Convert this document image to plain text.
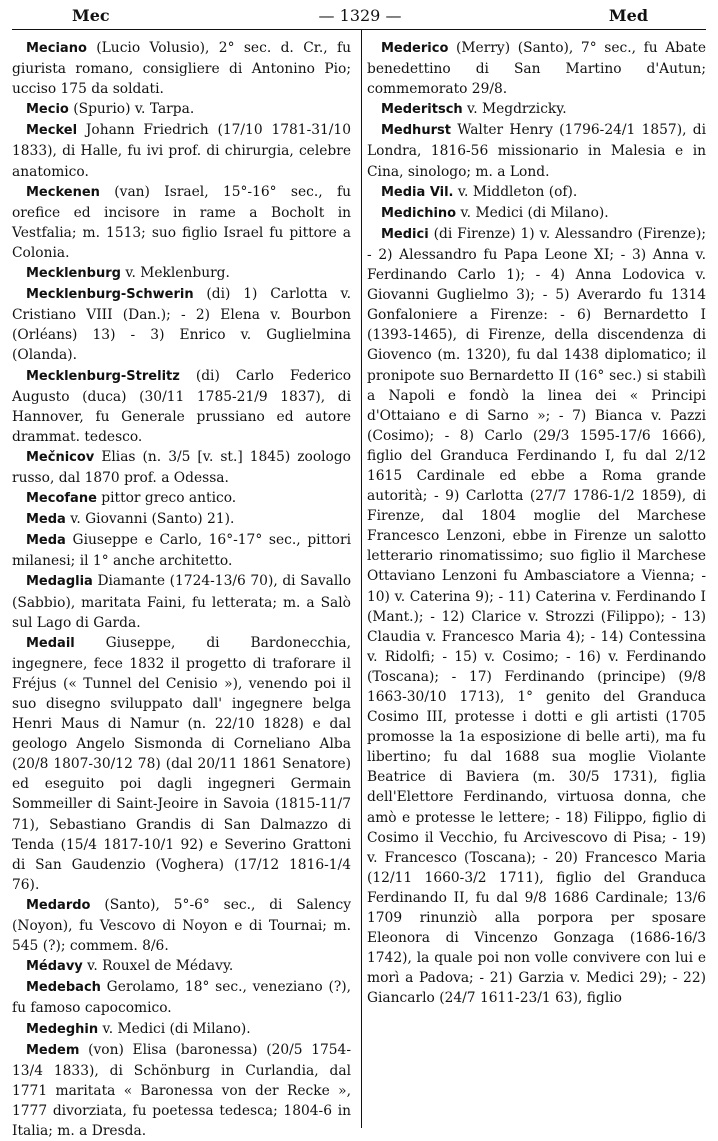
Mec	— 1329 —	Med

Meciano (Lucio Volusio), 2° sec. d. Cr., fu giurista romano, consigliere di Antonino Pio; ucciso 175 da soldati.

Mecio (Spurio) v. Tarpa.

Meckel Johann Friedrich (17/10 1781-31/10 1833), di Halle, fu ivi prof. di chirurgia, celebre anatomico.

Meckenen (van) Israel, 15°-16° sec., fu orefice ed incisore in rame a Bocholt in Vestfalia; m. 1513; suo figlio Israel fu pittore a Colonia.

Mecklenburg v. Meklenburg.

Mecklenburg-Schwerin (di) 1) Carlotta v. Cristiano VIII (Dan.); - 2) Elena v. Bourbon (Orléans) 13) - 3) Enrico v. Guglielmina (Olanda).

Mecklenburg-Strelitz (di) Carlo Federico Augusto (duca) (30/11 1785-21/9 1837), di Hannover, fu Generale prussiano ed autore drammat. tedesco.

Mečnicov Elias (n. 3/5 [v. st.] 1845) zoologo russo, dal 1870 prof. a Odessa.

Mecofane pittor greco antico.

Meda v. Giovanni (Santo) 21).

Meda Giuseppe e Carlo, 16°-17° sec., pittori milanesi; il 1° anche architetto.

Medaglia Diamante (1724-13/6 70), di Savallo (Sabbio), maritata Faini, fu letterata; m. a Salò sul Lago di Garda.

Medail Giuseppe, di Bardonecchia, ingegnere, fece 1832 il progetto di traforare il Fréjus (« Tunnel del Cenisio »), venendo poi il suo disegno sviluppato dall' ingegnere belga Henri Maus di Namur (n. 22/10 1828) e dal geologo Angelo Sismonda di Corneliano Alba (20/8 1807-30/12 78) (dal 20/11 1861 Senatore) ed eseguito poi dagli ingegneri Germain Sommeiller di Saint-Jeoire in Savoia (1815-11/7 71), Sebastiano Grandis di San Dalmazzo di Tenda (15/4 1817-10/1 92) e Severino Grattoni di San Gaudenzio (Voghera) (17/12 1816-1/4 76).

Medardo (Santo), 5°-6° sec., di Salency (Noyon), fu Vescovo di Noyon e di Tournai; m. 545 (?); commem. 8/6.

Médavy v. Rouxel de Médavy.

Medebach Gerolamo, 18° sec., veneziano (?), fu famoso capocomico.

Medeghin v. Medici (di Milano).

Medem (von) Elisa (baronessa) (20/5 1754-13/4 1833), di Schönburg in Curlandia, dal 1771 maritata « Baronessa von der Recke », 1777 divorziata, fu poetessa tedesca; 1804-6 in Italia; m. a Dresda.

Mederico (Merry) (Santo), 7° sec., fu Abate benedettino di San Martino d'Autun; commemorato 29/8.

Mederitsch v. Megdrzicky.

Medhurst Walter Henry (1796-24/1 1857), di Londra, 1816-56 missionario in Malesia e in Cina, sinologo; m. a Lond.

Media Vil. v. Middleton (of).

Medichino v. Medici (di Milano).

Medici (di Firenze) 1) v. Alessandro (Firenze); - 2) Alessandro fu Papa Leone XI; - 3) Anna v. Ferdinando Carlo 1); - 4) Anna Lodovica v. Giovanni Guglielmo 3); - 5) Averardo fu 1314 Gonfaloniere a Firenze: - 6) Bernardetto I (1393-1465), di Firenze, della discendenza di Giovenco (m. 1320), fu dal 1438 diplomatico; il pronipote suo Bernardetto II (16° sec.) si stabilì a Napoli e fondò la linea dei « Principi d'Ottaiano e di Sarno »; - 7) Bianca v. Pazzi (Cosimo); - 8) Carlo (29/3 1595-17/6 1666), figlio del Granduca Ferdinando I, fu dal 2/12 1615 Cardinale ed ebbe a Roma grande autorità; - 9) Carlotta (27/7 1786-1/2 1859), di Firenze, dal 1804 moglie del Marchese Francesco Lenzoni, ebbe in Firenze un salotto letterario rinomatissimo; suo figlio il Marchese Ottaviano Lenzoni fu Ambasciatore a Vienna; - 10) v. Caterina 9); - 11) Caterina v. Ferdinando I (Mant.); - 12) Clarice v. Strozzi (Filippo); - 13) Claudia v. Francesco Maria 4); - 14) Contessina v. Ridolfi; - 15) v. Cosimo; - 16) v. Ferdinando (Toscana); - 17) Ferdinando (principe) (9/8 1663-30/10 1713), 1° genito del Granduca Cosimo III, protesse i dotti e gli artisti (1705 promosse la 1a esposizione di belle arti), ma fu libertino; fu dal 1688 sua moglie Violante Beatrice di Baviera (m. 30/5 1731), figlia dell'Elettore Ferdinando, virtuosa donna, che amò e protesse le lettere; - 18) Filippo, figlio di Cosimo il Vecchio, fu Arcivescovo di Pisa; - 19) v. Francesco (Toscana); - 20) Francesco Maria (12/11 1660-3/2 1711), figlio del Granduca Ferdinando II, fu dal 9/8 1686 Cardinale; 13/6 1709 rinunziò alla porpora per sposare Eleonora di Vincenzo Gonzaga (1686-16/3 1742), la quale poi non volle convivere con lui e morì a Padova; - 21) Garzia v. Medici 29); - 22) Giancarlo (24/7 1611-23/1 63), figlio
